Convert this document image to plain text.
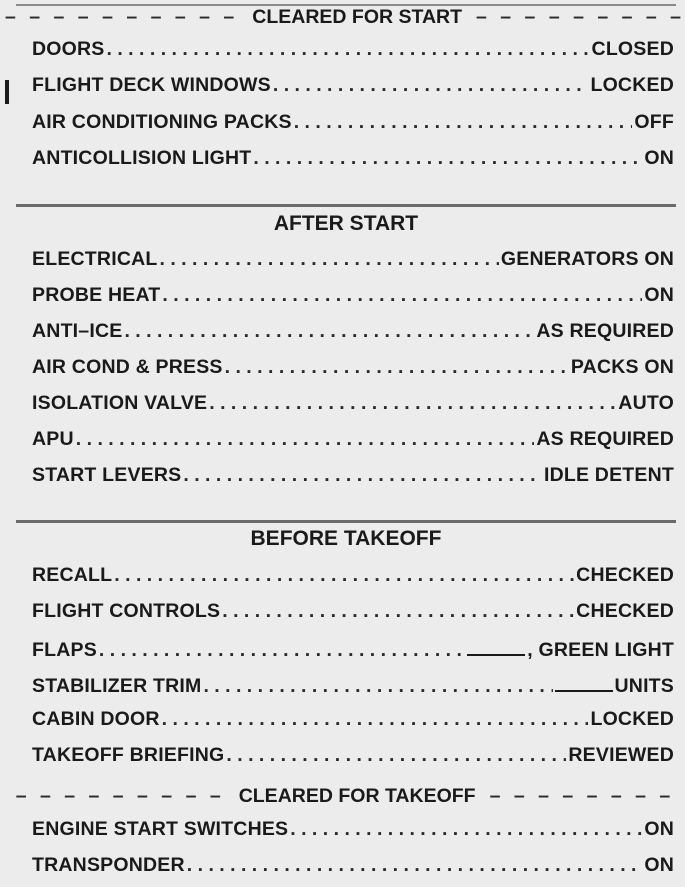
– – – – – – – – – – CLEARED FOR START – – – – – – – – –
DOORS . . .	CLOSED
FLIGHT DECK WINDOWS . . .	LOCKED
AIR CONDITIONING PACKS . . .	OFF
ANTICOLLISION LIGHT . . .	ON
AFTER START
ELECTRICAL . . .	GENERATORS ON
PROBE HEAT . . .	ON
ANTI–ICE . . .	AS REQUIRED
AIR COND & PRESS . . .	PACKS ON
ISOLATION VALVE . . .	AUTO
APU . . .	AS REQUIRED
START LEVERS . . .	IDLE DETENT
BEFORE TAKEOFF
RECALL . . .	CHECKED
FLIGHT CONTROLS . . .	CHECKED
FLAPS . . .	, GREEN LIGHT
STABILIZER TRIM . . .	UNITS
CABIN DOOR . . .	LOCKED
TAKEOFF BRIEFING . . .	REVIEWED
– – – – – – – – – CLEARED FOR TAKEOFF – – – – – – – –
ENGINE START SWITCHES . . .	ON
TRANSPONDER . . .	ON
